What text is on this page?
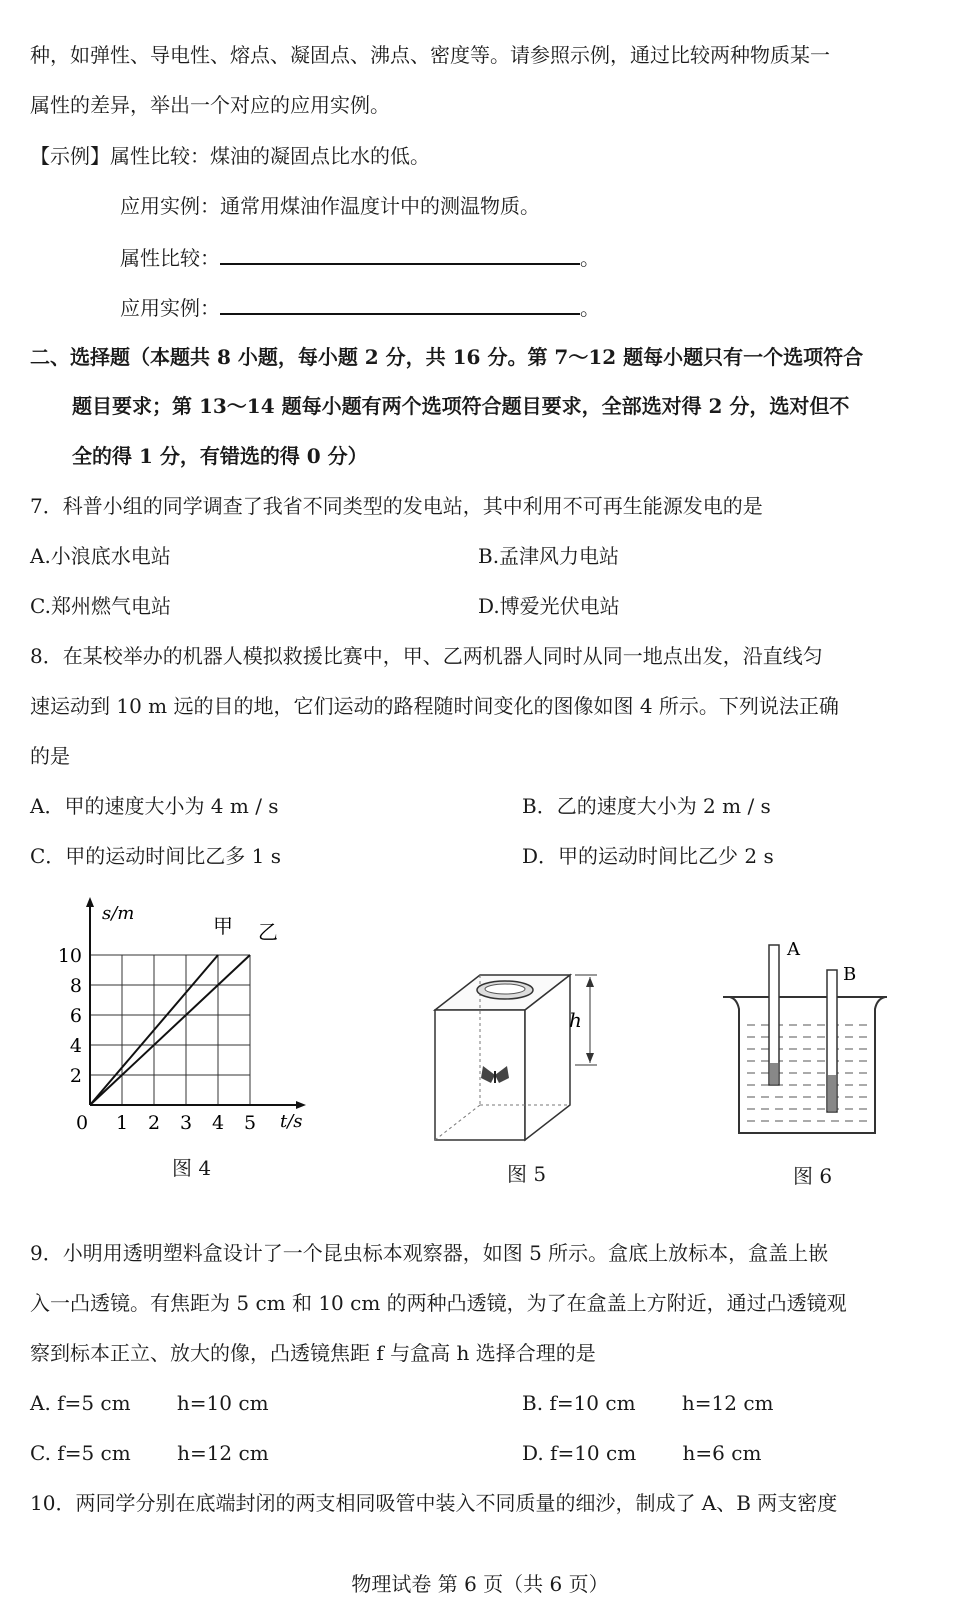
种，如弹性、导电性、熔点、凝固点、沸点、密度等。请参照示例，通过比较两种物质某一
属性的差异，举出一个对应的应用实例。
【示例】属性比较：煤油的凝固点比水的低。
应用实例：通常用煤油作温度计中的测温物质。
属性比较：	。
应用实例：	。
二、选择题（本题共 8 小题，每小题 2 分，共 16 分。第 7～12 题每小题只有一个选项符合
题目要求；第 13～14 题每小题有两个选项符合题目要求，全部选对得 2 分，选对但不
全的得 1 分，有错选的得 0 分）
7．科普小组的同学调查了我省不同类型的发电站，其中利用不可再生能源发电的是
A.小浪底水电站	B.孟津风力电站
C.郑州燃气电站	D.博爱光伏电站
8．在某校举办的机器人模拟救援比赛中，甲、乙两机器人同时从同一地点出发，沿直线匀
速运动到 10 m 远的目的地，它们运动的路程随时间变化的图像如图 4 所示。下列说法正确
的是
A．甲的速度大小为 4 m / s	B．乙的速度大小为 2 m / s
C．甲的运动时间比乙多 1 s	D．甲的运动时间比乙少 2 s
10
8
6
4
2
0 1 2 3 4 5
s/m
t/s
甲 乙
图 4
h
图 5
A
B
图 6
9．小明用透明塑料盒设计了一个昆虫标本观察器，如图 5 所示。盒底上放标本，盒盖上嵌
入一凸透镜。有焦距为 5 cm 和 10 cm 的两种凸透镜，为了在盒盖上方附近，通过凸透镜观
察到标本正立、放大的像，凸透镜焦距 f 与盒高 h 选择合理的是
A. f=5 cm　　 h=10 cm	B. f=10 cm　　 h=12 cm
C. f=5 cm　　 h=12 cm	D. f=10 cm　　 h=6 cm
10．两同学分别在底端封闭的两支相同吸管中装入不同质量的细沙，制成了 A、B 两支密度
物理试卷 第 6 页（共 6 页）
